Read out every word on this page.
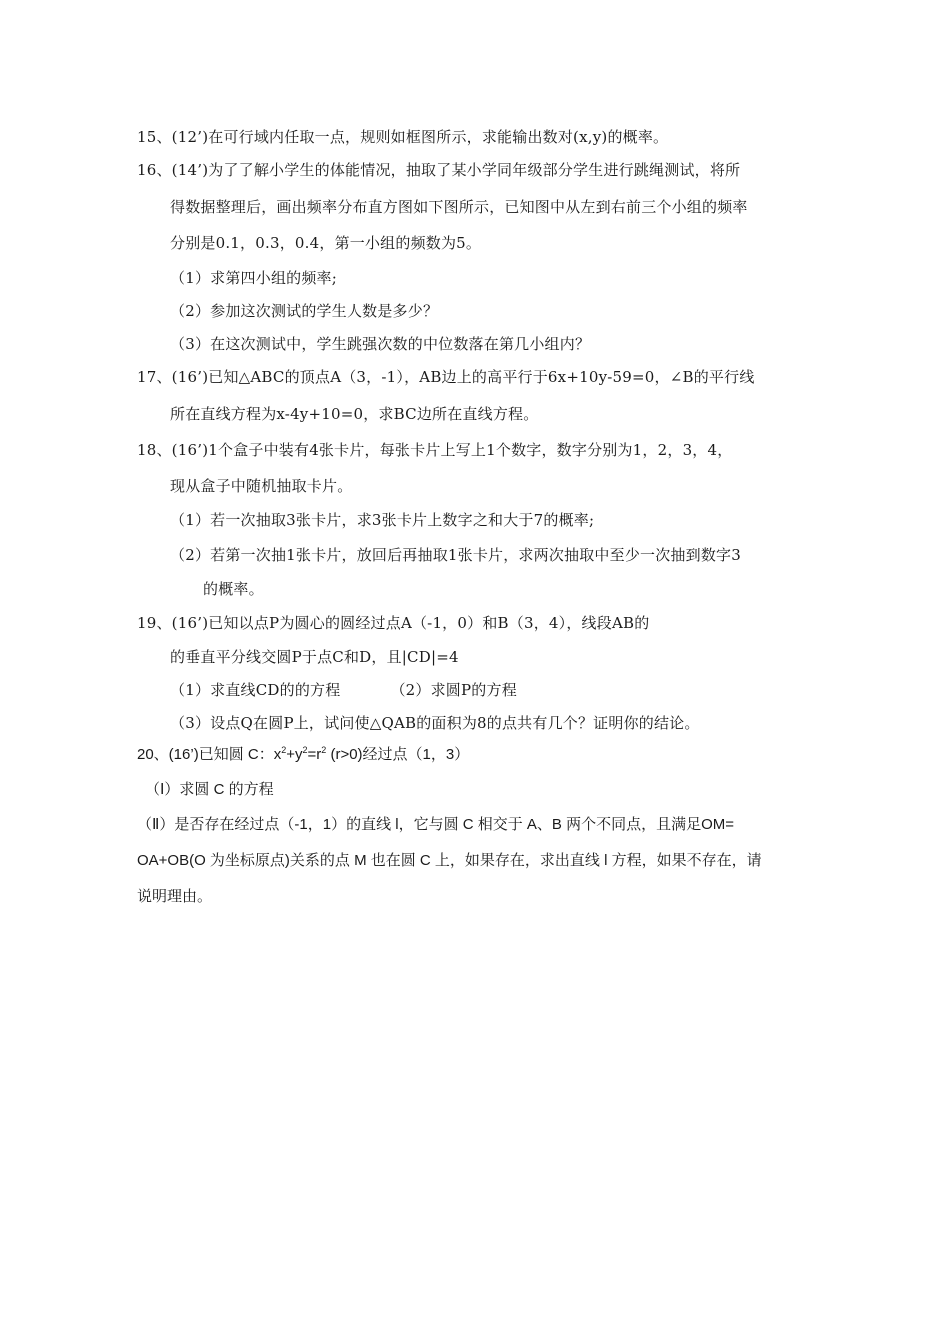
15、(12’)在可行域内任取一点，规则如框图所示，求能输出数对(x,y)的概率。
16、(14’)为了了解小学生的体能情况，抽取了某小学同年级部分学生进行跳绳测试，将所
得数据整理后，画出频率分布直方图如下图所示，已知图中从左到右前三个小组的频率
分别是0.1，0.3，0.4，第一小组的频数为5。
（1）求第四小组的频率;
（2）参加这次测试的学生人数是多少？
（3）在这次测试中，学生跳强次数的中位数落在第几小组内？
17、(16’)已知△ABC的顶点A（3，-1），AB边上的高平行于6x+10y-59=0，∠B的平行线
所在直线方程为x-4y+10=0，求BC边所在直线方程。
18、(16’)1个盒子中装有4张卡片，每张卡片上写上1个数字，数字分别为1，2，3，4，
现从盒子中随机抽取卡片。
（1）若一次抽取3张卡片，求3张卡片上数字之和大于7的概率;
（2）若第一次抽1张卡片，放回后再抽取1张卡片，求两次抽取中至少一次抽到数字3
的概率。
19、(16’)已知以点P为圆心的圆经过点A（-1，0）和B（3，4），线段AB的
的垂直平分线交圆P于点C和D，且|CD|=4
（1）求直线CD的的方程	（2）求圆P的方程
（3）设点Q在圆P上，试问使△QAB的面积为8的点共有几个？证明你的结论。
20、(16’)已知圆 C：$x^2+y^2=r^2$ (r>0)经过点（1，3）
（Ⅰ）求圆 C 的方程
（Ⅱ）是否存在经过点（-1，1）的直线 l，它与圆 C 相交于 A、B 两个不同点，且满足OM=
OA+OB(O 为坐标原点)关系的点 M 也在圆 C 上，如果存在，求出直线 l 方程，如果不存在，请
说明理由。
